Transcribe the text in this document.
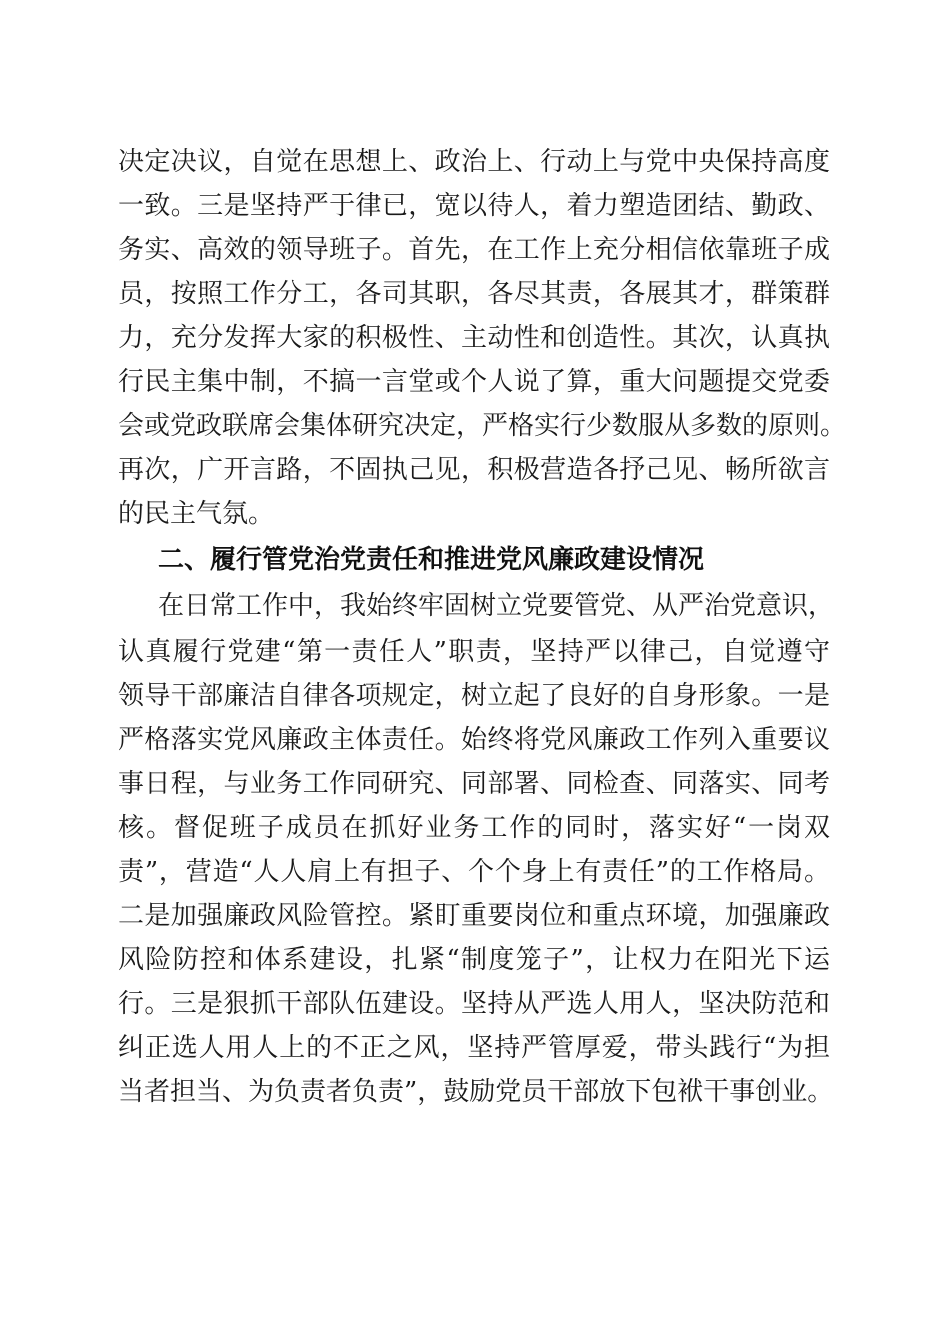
决定决议，自觉在思想上、政治上、行动上与党中央保持高度
一致。三是坚持严于律已，宽以待人，着力塑造团结、勤政、
务实、高效的领导班子。首先，在工作上充分相信依靠班子成
员，按照工作分工，各司其职，各尽其责，各展其才，群策群
力，充分发挥大家的积极性、主动性和创造性。其次，认真执
行民主集中制，不搞一言堂或个人说了算，重大问题提交党委
会或党政联席会集体研究决定，严格实行少数服从多数的原则。
再次，广开言路，不固执己见，积极营造各抒己见、畅所欲言
的民主气氛。
二、履行管党治党责任和推进党风廉政建设情况
在日常工作中，我始终牢固树立党要管党、从严治党意识，
认真履行党建“第一责任人”职责，坚持严以律己，自觉遵守
领导干部廉洁自律各项规定，树立起了良好的自身形象。一是
严格落实党风廉政主体责任。始终将党风廉政工作列入重要议
事日程，与业务工作同研究、同部署、同检查、同落实、同考
核。督促班子成员在抓好业务工作的同时，落实好“一岗双
责”，营造“人人肩上有担子、个个身上有责任”的工作格局。
二是加强廉政风险管控。紧盯重要岗位和重点环境，加强廉政
风险防控和体系建设，扎紧“制度笼子”，让权力在阳光下运
行。三是狠抓干部队伍建设。坚持从严选人用人，坚决防范和
纠正选人用人上的不正之风，坚持严管厚爱，带头践行“为担
当者担当、为负责者负责”，鼓励党员干部放下包袱干事创业。
